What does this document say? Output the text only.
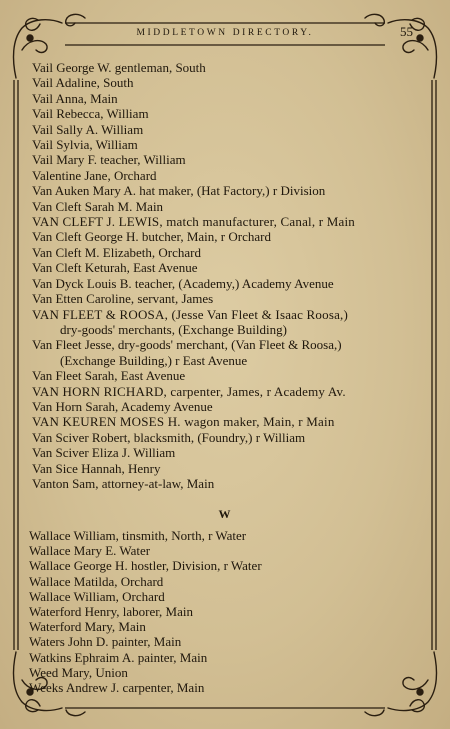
MIDDLETOWN DIRECTORY.	55
Vail George W. gentleman, South
Vail Adaline, South
Vail Anna, Main
Vail Rebecca, William
Vail Sally A. William
Vail Sylvia, William
Vail Mary F. teacher, William
Valentine Jane, Orchard
Van Auken Mary A. hat maker, (Hat Factory,) r Division
Van Cleft Sarah M. Main
VAN CLEFT J. LEWIS, match manufacturer, Canal, r Main
Van Cleft George H. butcher, Main, r Orchard
Van Cleft M. Elizabeth, Orchard
Van Cleft Keturah, East Avenue
Van Dyck Louis B. teacher, (Academy,) Academy Avenue
Van Etten Caroline, servant, James
VAN FLEET & ROOSA, (Jesse Van Fleet & Isaac Roosa,)
dry-goods' merchants, (Exchange Building)
Van Fleet Jesse, dry-goods' merchant, (Van Fleet & Roosa,)
(Exchange Building,) r East Avenue
Van Fleet Sarah, East Avenue
VAN HORN RICHARD, carpenter, James, r Academy Av.
Van Horn Sarah, Academy Avenue
VAN KEUREN MOSES H. wagon maker, Main, r Main
Van Sciver Robert, blacksmith, (Foundry,) r William
Van Sciver Eliza J. William
Van Sice Hannah, Henry
Vanton Sam, attorney-at-law, Main
W
Wallace William, tinsmith, North, r Water
Wallace Mary E. Water
Wallace George H. hostler, Division, r Water
Wallace Matilda, Orchard
Wallace William, Orchard
Waterford Henry, laborer, Main
Waterford Mary, Main
Waters John D. painter, Main
Watkins Ephraim A. painter, Main
Weed Mary, Union
Weeks Andrew J. carpenter, Main
